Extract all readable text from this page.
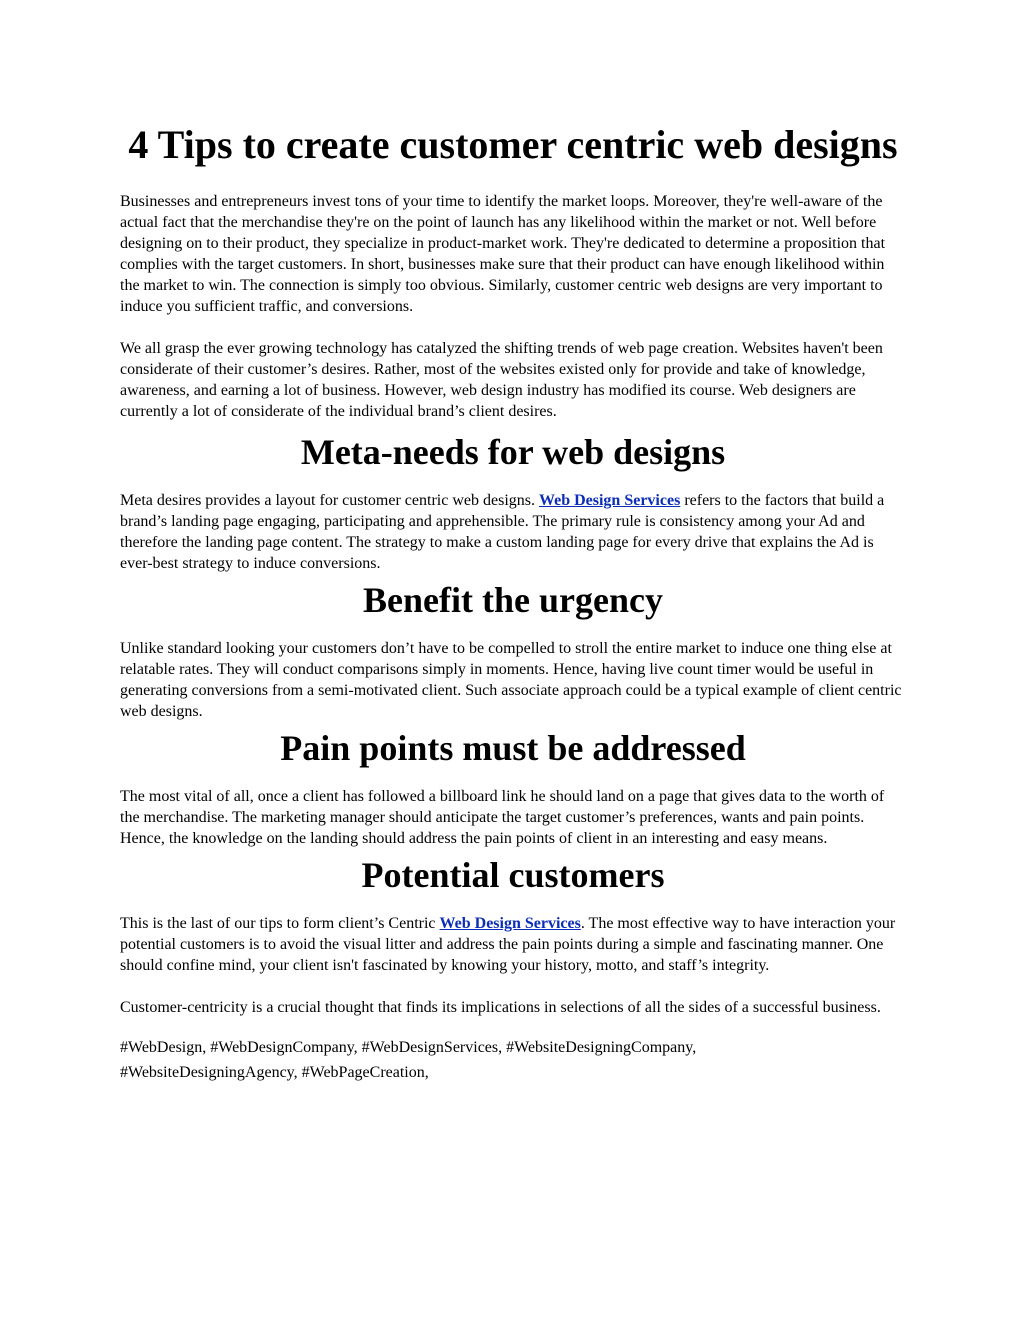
4 Tips to create customer centric web designs

Businesses and entrepreneurs invest tons of your time to identify the market loops. Moreover, they're well-aware of the actual fact that the merchandise they're on the point of launch has any likelihood within the market or not. Well before designing on to their product, they specialize in product-market work. They're dedicated to determine a proposition that complies with the target customers. In short, businesses make sure that their product can have enough likelihood within the market to win. The connection is simply too obvious. Similarly, customer centric web designs are very important to induce you sufficient traffic, and conversions.

We all grasp the ever growing technology has catalyzed the shifting trends of web page creation. Websites haven't been considerate of their customer’s desires. Rather, most of the websites existed only for provide and take of knowledge, awareness, and earning a lot of business. However, web design industry has modified its course. Web designers are currently a lot of considerate of the individual brand’s client desires.

Meta-needs for web designs

Meta desires provides a layout for customer centric web designs. Web Design Services refers to the factors that build a brand’s landing page engaging, participating and apprehensible. The primary rule is consistency among your Ad and therefore the landing page content. The strategy to make a custom landing page for every drive that explains the Ad is ever-best strategy to induce conversions.

Benefit the urgency

Unlike standard looking your customers don’t have to be compelled to stroll the entire market to induce one thing else at relatable rates. They will conduct comparisons simply in moments. Hence, having live count timer would be useful in generating conversions from a semi-motivated client. Such associate approach could be a typical example of client centric web designs.

Pain points must be addressed

The most vital of all, once a client has followed a billboard link he should land on a page that gives data to the worth of the merchandise. The marketing manager should anticipate the target customer’s preferences, wants and pain points. Hence, the knowledge on the landing should address the pain points of client in an interesting and easy means.

Potential customers

This is the last of our tips to form client’s Centric Web Design Services. The most effective way to have interaction your potential customers is to avoid the visual litter and address the pain points during a simple and fascinating manner. One should confine mind, your client isn't fascinated by knowing your history, motto, and staff’s integrity.

Customer-centricity is a crucial thought that finds its implications in selections of all the sides of a successful business.

#WebDesign, #WebDesignCompany, #WebDesignServices, #WebsiteDesigningCompany,
#WebsiteDesigningAgency, #WebPageCreation,
